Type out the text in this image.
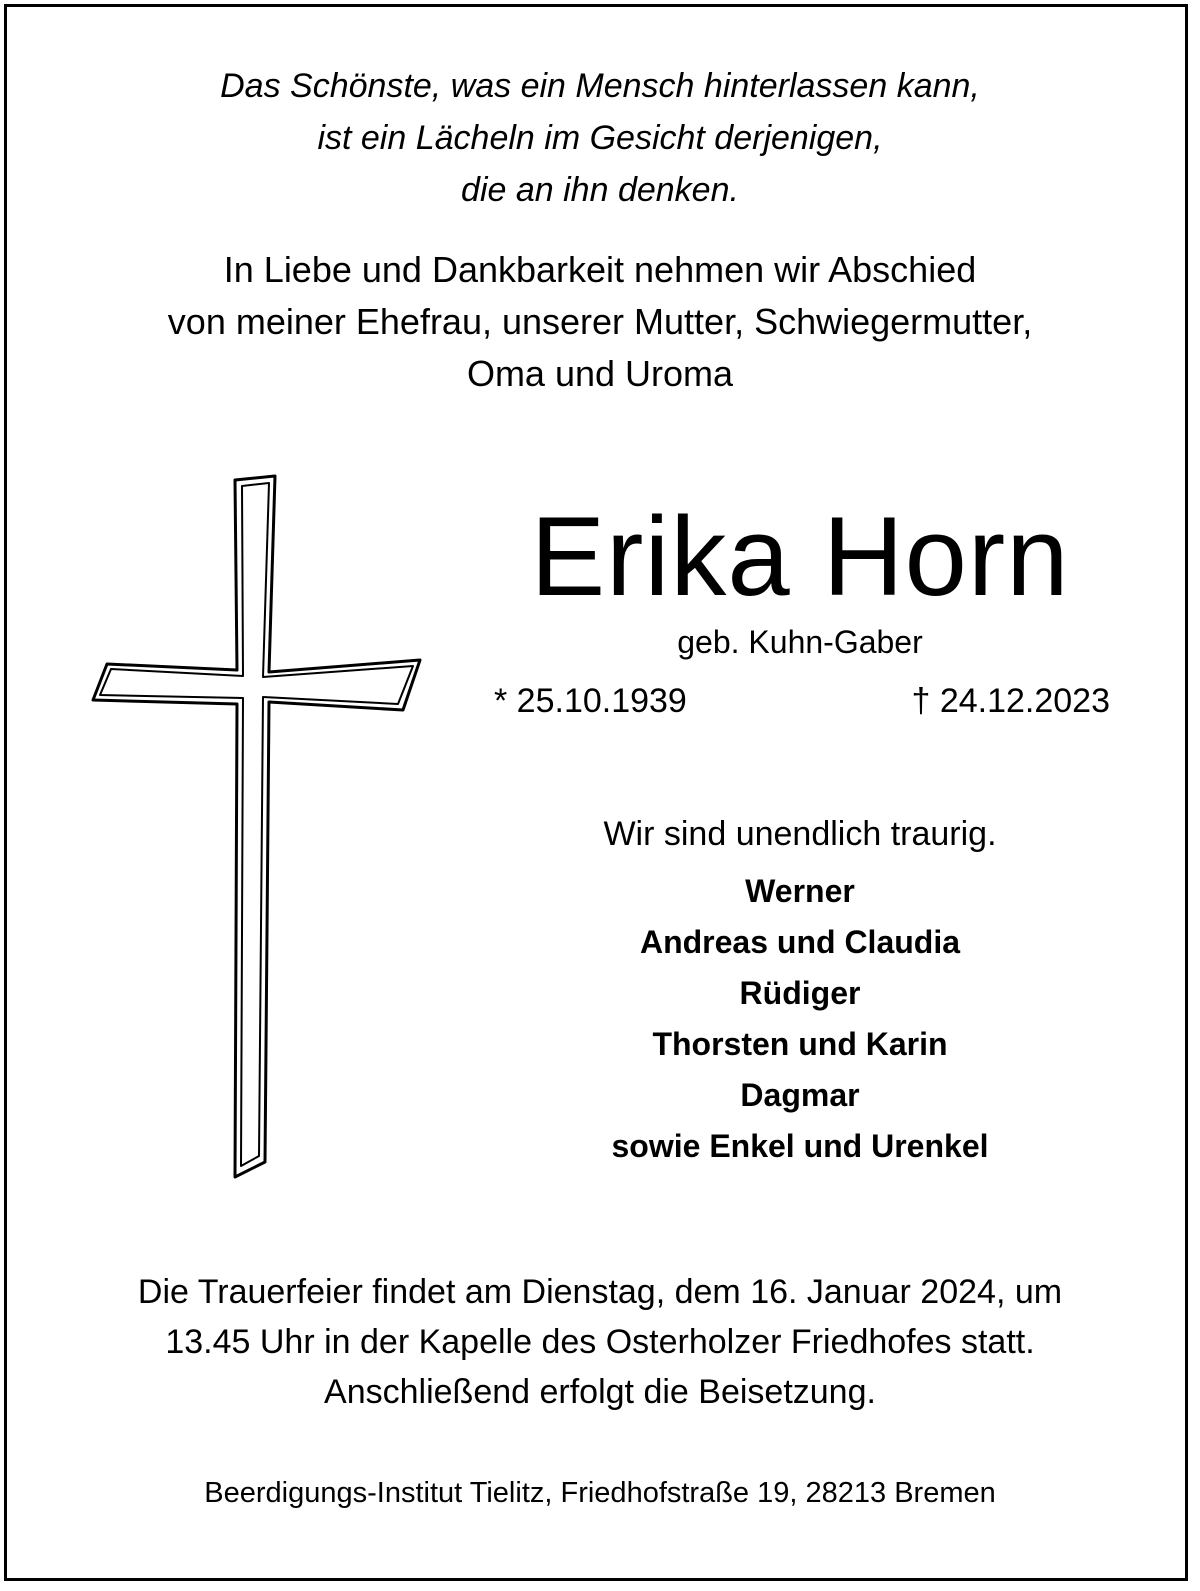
Das Schönste, was ein Mensch hinterlassen kann,
ist ein Lächeln im Gesicht derjenigen,
die an ihn denken.
In Liebe und Dankbarkeit nehmen wir Abschied
von meiner Ehefrau, unserer Mutter, Schwiegermutter,
Oma und Uroma
Erika Horn
geb. Kuhn-Gaber
* 25.10.1939	† 24.12.2023
Wir sind unendlich traurig.
Werner
Andreas und Claudia
Rüdiger
Thorsten und Karin
Dagmar
sowie Enkel und Urenkel
Die Trauerfeier findet am Dienstag, dem 16. Januar 2024, um
13.45 Uhr in der Kapelle des Osterholzer Friedhofes statt.
Anschließend erfolgt die Beisetzung.
Beerdigungs-Institut Tielitz, Friedhofstraße 19, 28213 Bremen
